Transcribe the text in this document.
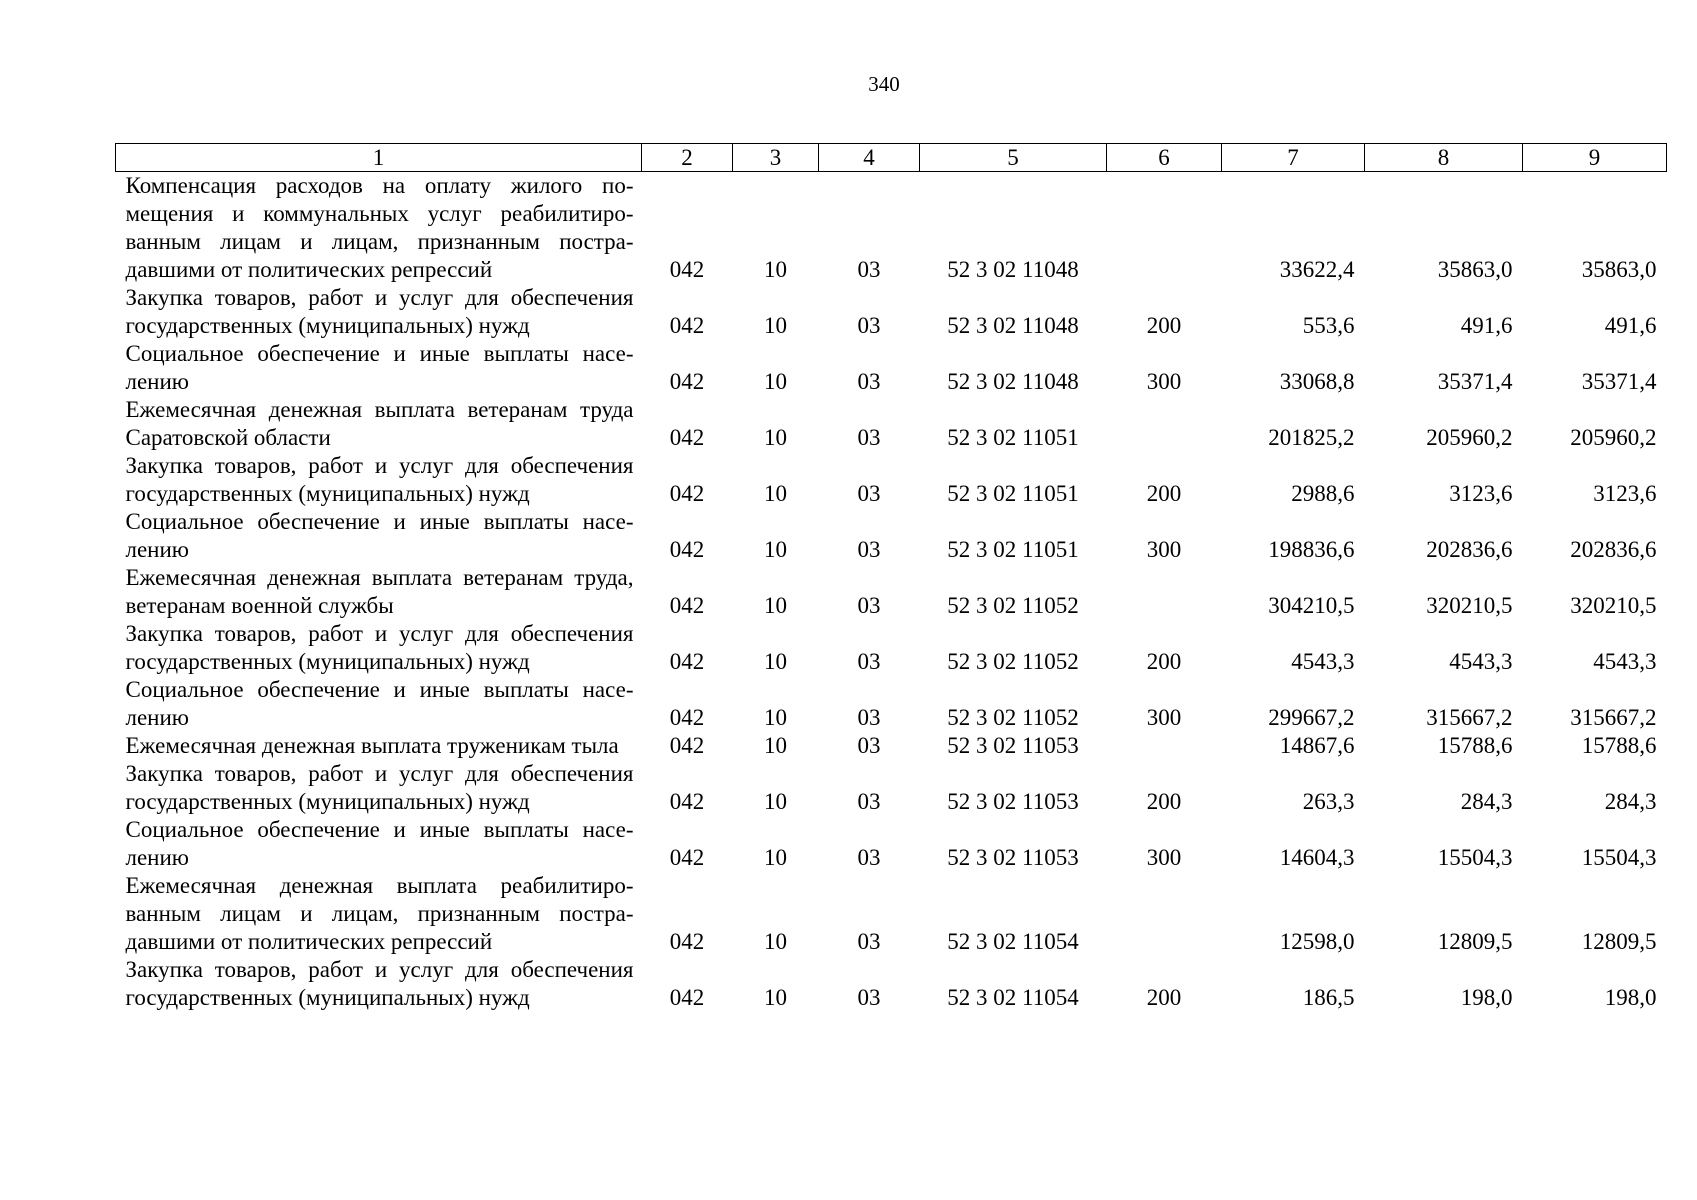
340
1	2	3	4	5	6	7	8	9
Компенсация расходов на оплату жилого помещения и коммунальных услуг реабилитированным лицам и лицам, признанным пострадавшими от политических репрессий	042	10	03	52 3 02 11048		33622,4	35863,0	35863,0
Закупка товаров, работ и услуг для обеспечения государственных (муниципальных) нужд	042	10	03	52 3 02 11048	200	553,6	491,6	491,6
Социальное обеспечение и иные выплаты населению	042	10	03	52 3 02 11048	300	33068,8	35371,4	35371,4
Ежемесячная денежная выплата ветеранам труда Саратовской области	042	10	03	52 3 02 11051		201825,2	205960,2	205960,2
Закупка товаров, работ и услуг для обеспечения государственных (муниципальных) нужд	042	10	03	52 3 02 11051	200	2988,6	3123,6	3123,6
Социальное обеспечение и иные выплаты населению	042	10	03	52 3 02 11051	300	198836,6	202836,6	202836,6
Ежемесячная денежная выплата ветеранам труда, ветеранам военной службы	042	10	03	52 3 02 11052		304210,5	320210,5	320210,5
Закупка товаров, работ и услуг для обеспечения государственных (муниципальных) нужд	042	10	03	52 3 02 11052	200	4543,3	4543,3	4543,3
Социальное обеспечение и иные выплаты населению	042	10	03	52 3 02 11052	300	299667,2	315667,2	315667,2
Ежемесячная денежная выплата труженикам тыла	042	10	03	52 3 02 11053		14867,6	15788,6	15788,6
Закупка товаров, работ и услуг для обеспечения государственных (муниципальных) нужд	042	10	03	52 3 02 11053	200	263,3	284,3	284,3
Социальное обеспечение и иные выплаты населению	042	10	03	52 3 02 11053	300	14604,3	15504,3	15504,3
Ежемесячная денежная выплата реабилитированным лицам и лицам, признанным пострадавшими от политических репрессий	042	10	03	52 3 02 11054		12598,0	12809,5	12809,5
Закупка товаров, работ и услуг для обеспечения государственных (муниципальных) нужд	042	10	03	52 3 02 11054	200	186,5	198,0	198,0
